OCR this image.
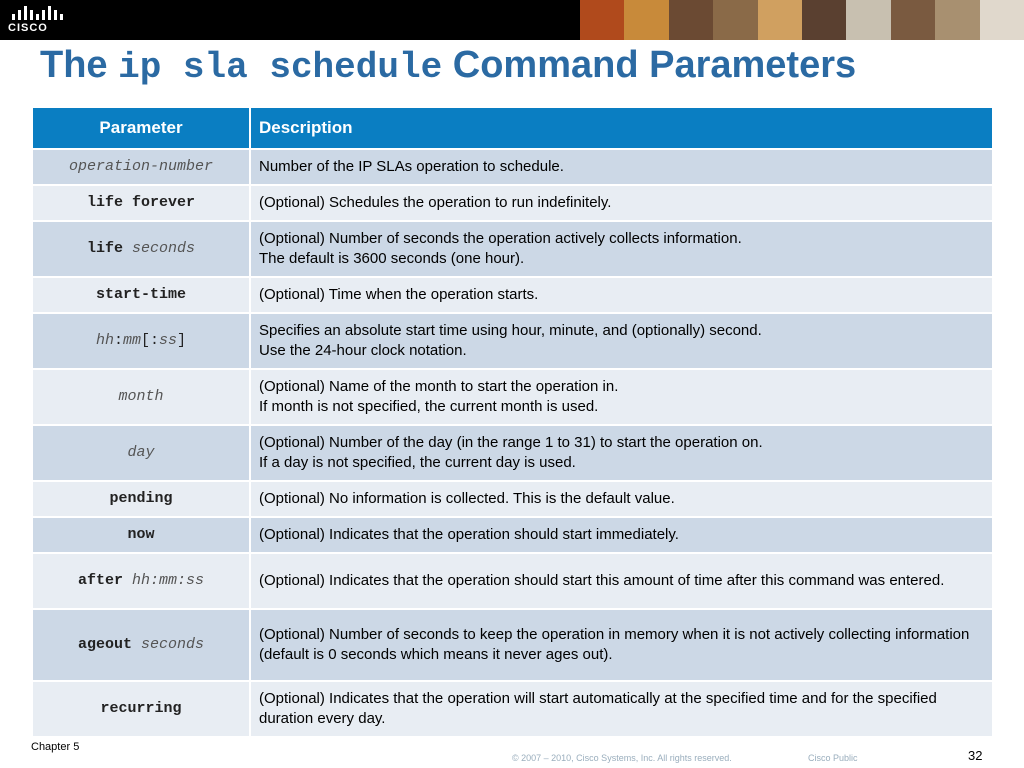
CISCO
The ip sla schedule Command Parameters
Parameter	Description
operation-number	Number of the IP SLAs operation to schedule.

life forever	(Optional) Schedules the operation to run indefinitely.

life seconds	(Optional) Number of seconds the operation actively collects information.
The default is 3600 seconds (one hour).

start-time	(Optional) Time when the operation starts.

hh:mm[:ss]	Specifies an absolute start time using hour, minute, and (optionally) second.
Use the 24-hour clock notation.

month	(Optional) Name of the month to start the operation in.
If month is not specified, the current month is used.

day	(Optional) Number of the day (in the range 1 to 31) to start the operation on.
If a day is not specified, the current day is used.

pending	(Optional) No information is collected. This is the default value.

now	(Optional) Indicates that the operation should start immediately.

after hh:mm:ss	(Optional) Indicates that the operation should start this amount of time after this command was entered.

ageout seconds	(Optional) Number of seconds to keep the operation in memory when it is not actively collecting information (default is 0 seconds which means it never ages out).

recurring	(Optional) Indicates that the operation will start automatically at the specified time and for the specified duration every day.
Chapter 5
© 2007 – 2010, Cisco Systems, Inc. All rights reserved.	Cisco Public	32
